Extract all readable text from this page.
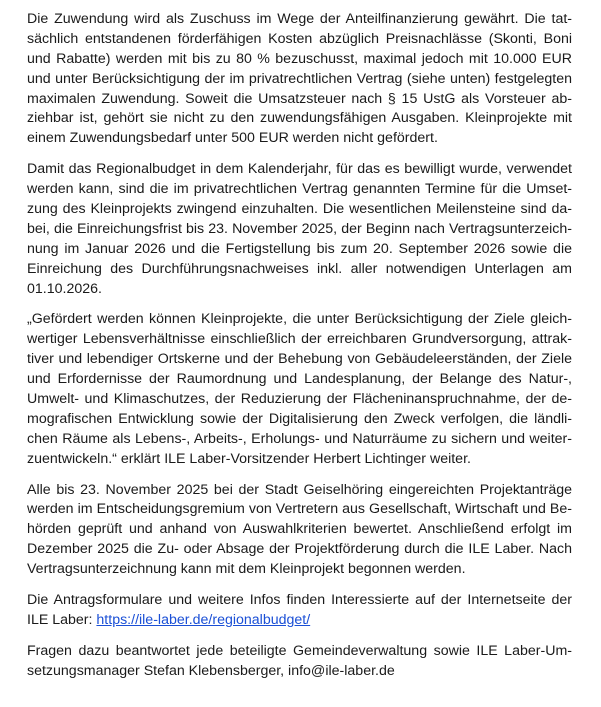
Die Zuwendung wird als Zuschuss im Wege der Anteilfinanzierung gewährt. Die tat-
sächlich entstandenen förderfähigen Kosten abzüglich Preisnachlässe (Skonti, Boni
und Rabatte) werden mit bis zu 80 % bezuschusst, maximal jedoch mit 10.000 EUR
und unter Berücksichtigung der im privatrechtlichen Vertrag (siehe unten) festgelegten
maximalen Zuwendung. Soweit die Umsatzsteuer nach § 15 UstG als Vorsteuer ab-
ziehbar ist, gehört sie nicht zu den zuwendungsfähigen Ausgaben. Kleinprojekte mit
einem Zuwendungsbedarf unter 500 EUR werden nicht gefördert.
Damit das Regionalbudget in dem Kalenderjahr, für das es bewilligt wurde, verwendet
werden kann, sind die im privatrechtlichen Vertrag genannten Termine für die Umset-
zung des Kleinprojekts zwingend einzuhalten. Die wesentlichen Meilensteine sind da-
bei, die Einreichungsfrist bis 23. November 2025, der Beginn nach Vertragsunterzeich-
nung im Januar 2026 und die Fertigstellung bis zum 20. September 2026 sowie die
Einreichung des Durchführungsnachweises inkl. aller notwendigen Unterlagen am
01.10.2026.
„Gefördert werden können Kleinprojekte, die unter Berücksichtigung der Ziele gleich-
wertiger Lebensverhältnisse einschließlich der erreichbaren Grundversorgung, attrak-
tiver und lebendiger Ortskerne und der Behebung von Gebäudeleerständen, der Ziele
und Erfordernisse der Raumordnung und Landesplanung, der Belange des Natur-,
Umwelt- und Klimaschutzes, der Reduzierung der Flächeninanspruchnahme, der de-
mografischen Entwicklung sowie der Digitalisierung den Zweck verfolgen, die ländli-
chen Räume als Lebens-, Arbeits-, Erholungs- und Naturräume zu sichern und weiter-
zuentwickeln.“ erklärt ILE Laber-Vorsitzender Herbert Lichtinger weiter.
Alle bis 23. November 2025 bei der Stadt Geiselhöring eingereichten Projektanträge
werden im Entscheidungsgremium von Vertretern aus Gesellschaft, Wirtschaft und Be-
hörden geprüft und anhand von Auswahlkriterien bewertet. Anschließend erfolgt im
Dezember 2025 die Zu- oder Absage der Projektförderung durch die ILE Laber. Nach
Vertragsunterzeichnung kann mit dem Kleinprojekt begonnen werden.
Die Antragsformulare und weitere Infos finden Interessierte auf der Internetseite der
ILE Laber: https://ile-laber.de/regionalbudget/
Fragen dazu beantwortet jede beteiligte Gemeindeverwaltung sowie ILE Laber-Um-
setzungsmanager Stefan Klebensberger, info@ile-laber.de
